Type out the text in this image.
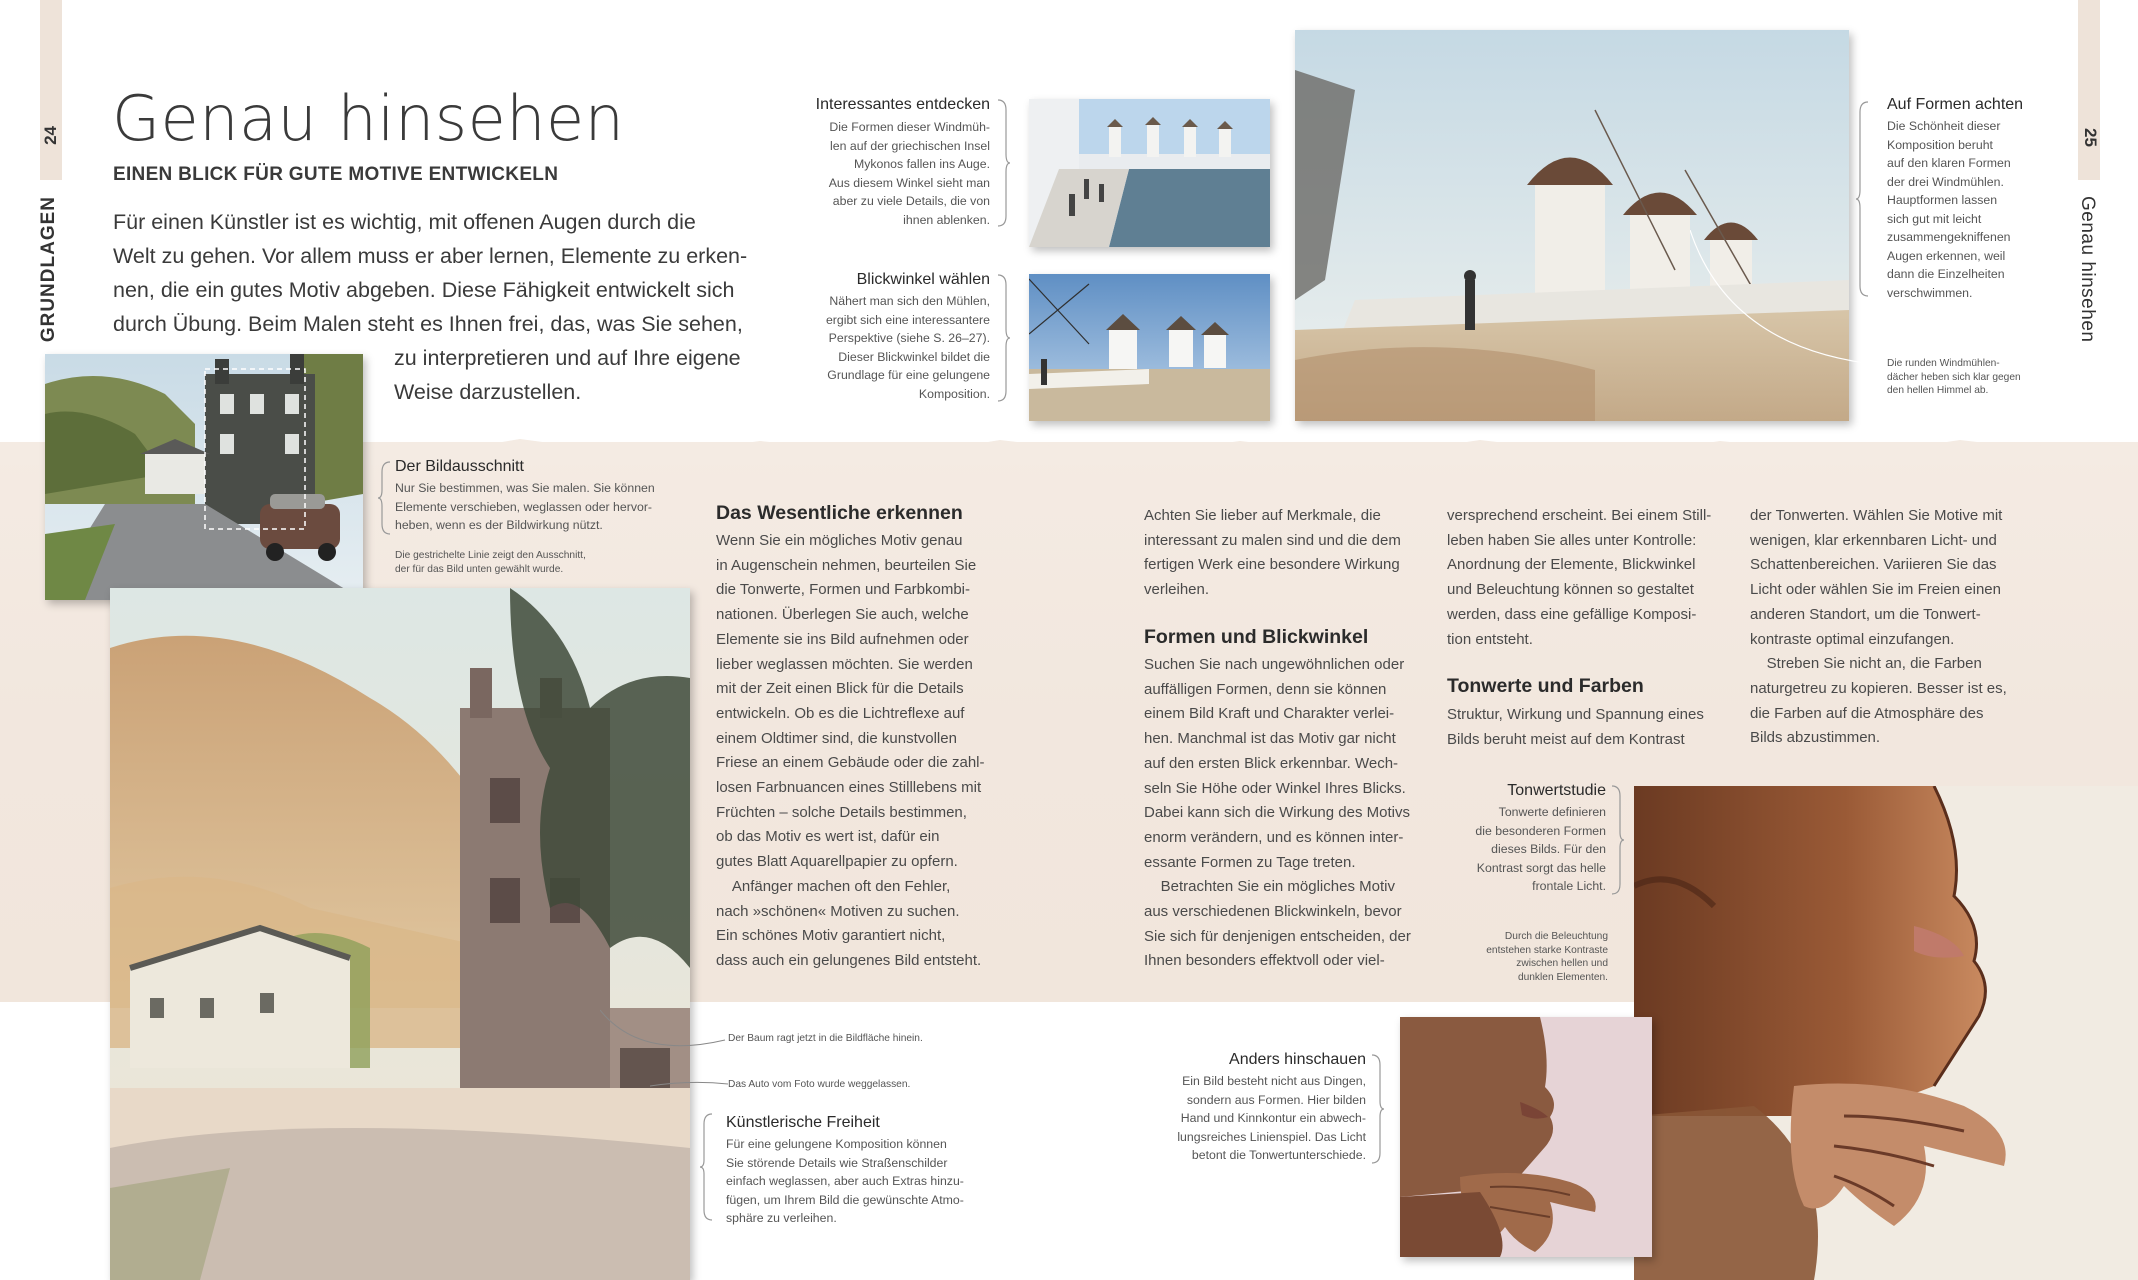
24	25
GRUNDLAGEN	Genau hinsehen
Genau hinsehen
EINEN BLICK FÜR GUTE MOTIVE ENTWICKELN
Für einen Künstler ist es wichtig, mit offenen Augen durch die
Welt zu gehen. Vor allem muss er aber lernen, Elemente zu erken-
nen, die ein gutes Motiv abgeben. Diese Fähigkeit entwickelt sich
durch Übung. Beim Malen steht es Ihnen frei, das, was Sie sehen,
zu interpretieren und auf Ihre eigene
Weise darzustellen.
Der Bildausschnitt
Nur Sie bestimmen, was Sie malen. Sie können
Elemente verschieben, weglassen oder hervor-
heben, wenn es der Bildwirkung nützt.
Die gestrichelte Linie zeigt den Ausschnitt,
der für das Bild unten gewählt wurde.
Der Baum ragt jetzt in die Bildfläche hinein.
Das Auto vom Foto wurde weggelassen.
Künstlerische Freiheit
Für eine gelungene Komposition können
Sie störende Details wie Straßenschilder
einfach weglassen, aber auch Extras hinzu-
fügen, um Ihrem Bild die gewünschte Atmo-
sphäre zu verleihen.
Interessantes entdecken
Die Formen dieser Windmüh-
len auf der griechischen Insel
Mykonos fallen ins Auge.
Aus diesem Winkel sieht man
aber zu viele Details, die von
ihnen ablenken.
Blickwinkel wählen
Nähert man sich den Mühlen,
ergibt sich eine interessantere
Perspektive (siehe S. 26–27).
Dieser Blickwinkel bildet die
Grundlage für eine gelungene
Komposition.
Auf Formen achten
Die Schönheit dieser
Komposition beruht
auf den klaren Formen
der drei Windmühlen.
Hauptformen lassen
sich gut mit leicht
zusammengekniffenen
Augen erkennen, weil
dann die Einzelheiten
verschwimmen.
Die runden Windmühlen-
dächer heben sich klar gegen
den hellen Himmel ab.
Das Wesentliche erkennen

Wenn Sie ein mögliches Motiv genau

in Augenschein nehmen, beurteilen Sie

die Tonwerte, Formen und Farbkombi-

nationen. Überlegen Sie auch, welche

Elemente sie ins Bild aufnehmen oder

lieber weglassen möchten. Sie werden

mit der Zeit einen Blick für die Details

entwickeln. Ob es die Lichtreflexe auf

einem Oldtimer sind, die kunstvollen

Friese an einem Gebäude oder die zahl-

losen Farbnuancen eines Stilllebens mit

Früchten – solche Details bestimmen,

ob das Motiv es wert ist, dafür ein

gutes Blatt Aquarellpapier zu opfern.

Anfänger machen oft den Fehler,

nach »schönen« Motiven zu suchen.

Ein schönes Motiv garantiert nicht,

dass auch ein gelungenes Bild entsteht.

Achten Sie lieber auf Merkmale, die

interessant zu malen sind und die dem

fertigen Werk eine besondere Wirkung

verleihen.

Formen und Blickwinkel

Suchen Sie nach ungewöhnlichen oder

auffälligen Formen, denn sie können

einem Bild Kraft und Charakter verlei-

hen. Manchmal ist das Motiv gar nicht

auf den ersten Blick erkennbar. Wech-

seln Sie Höhe oder Winkel Ihres Blicks.

Dabei kann sich die Wirkung des Motivs

enorm verändern, und es können inter-

essante Formen zu Tage treten.

Betrachten Sie ein mögliches Motiv

aus verschiedenen Blickwinkeln, bevor

Sie sich für denjenigen entscheiden, der

Ihnen besonders effektvoll oder viel-

versprechend erscheint. Bei einem Still-

leben haben Sie alles unter Kontrolle:

Anordnung der Elemente, Blickwinkel

und Beleuchtung können so gestaltet

werden, dass eine gefällige Komposi-

tion entsteht.

Tonwerte und Farben

Struktur, Wirkung und Spannung eines

Bilds beruht meist auf dem Kontrast

der Tonwerten. Wählen Sie Motive mit

wenigen, klar erkennbaren Licht- und

Schattenbereichen. Variieren Sie das

Licht oder wählen Sie im Freien einen

anderen Standort, um die Tonwert-

kontraste optimal einzufangen.

Streben Sie nicht an, die Farben

naturgetreu zu kopieren. Besser ist es,

die Farben auf die Atmosphäre des

Bilds abzustimmen.

Tonwertstudie
Tonwerte definieren
die besonderen Formen
dieses Bilds. Für den
Kontrast sorgt das helle
frontale Licht.
Durch die Beleuchtung
entstehen starke Kontraste
zwischen hellen und
dunklen Elementen.
Anders hinschauen
Ein Bild besteht nicht aus Dingen,
sondern aus Formen. Hier bilden
Hand und Kinnkontur ein abwech-
lungsreiches Linienspiel. Das Licht
betont die Tonwertunterschiede.
